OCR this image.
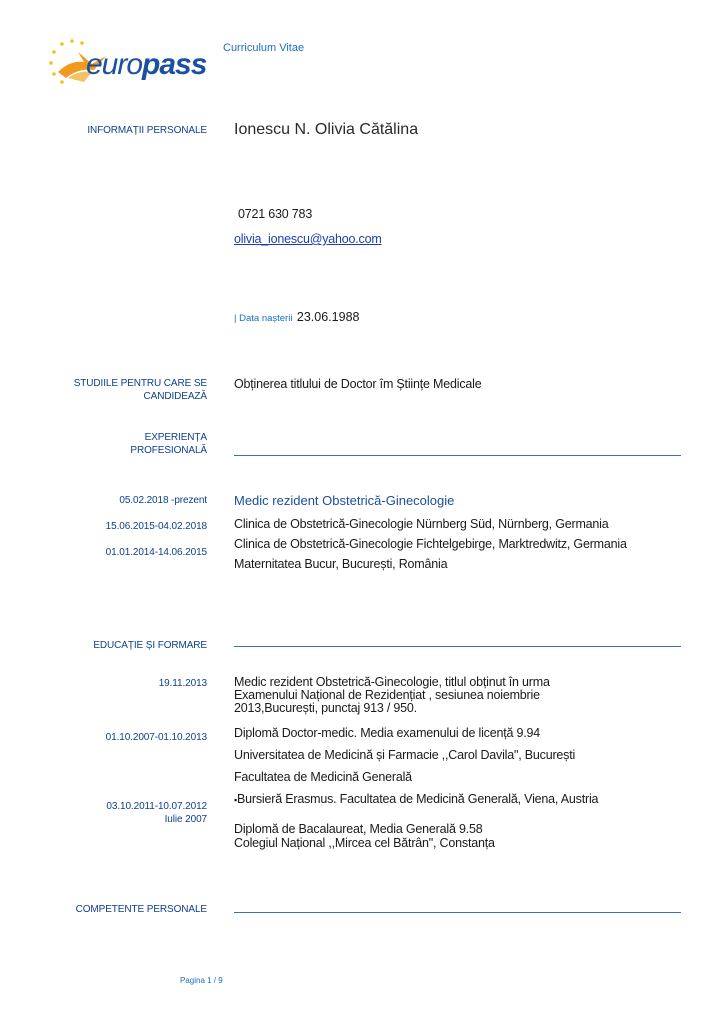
europass Curriculum Vitae
INFORMAȚII PERSONALE Ionescu N. Olivia Cătălina
0721 630 783
olivia_ionescu@yahoo.com
| Data nașterii 23.06.1988
STUDIILE PENTRU CARE SE
CANDIDEAZĂ
Obținerea titlului de Doctor îm Științe Medicale
EXPERIENȚA
PROFESIONALĂ
05.02.2018 -prezent
15.06.2015-04.02.2018
01.01.2014-14.06.2015
Medic rezident Obstetrică-Ginecologie
Clinica de Obstetrică-Ginecologie Nürnberg Süd, Nürnberg, Germania
Clinica de Obstetrică-Ginecologie Fichtelgebirge, Marktredwitz, Germania
Maternitatea Bucur, București, România
EDUCAȚIE ȘI FORMARE
19.11.2013
01.10.2007-01.10.2013
03.10.2011-10.07.2012
Iulie 2007
Medic rezident Obstetrică-Ginecologie, titlul obținut în urma
Examenului Național de Rezidențiat , sesiunea noiembrie
2013,București, punctaj 913 / 950.
Diplomă Doctor-medic. Media examenului de licență 9.94
Universitatea de Medicină și Farmacie ,,Carol Davila", București
Facultatea de Medicină Generală
▪Bursieră Erasmus. Facultatea de Medicină Generală, Viena, Austria
Diplomă de Bacalaureat, Media Generală 9.58
Colegiul Național ,,Mircea cel Bătrân", Constanța
COMPETENTE PERSONALE
Pagina 1 / 9
